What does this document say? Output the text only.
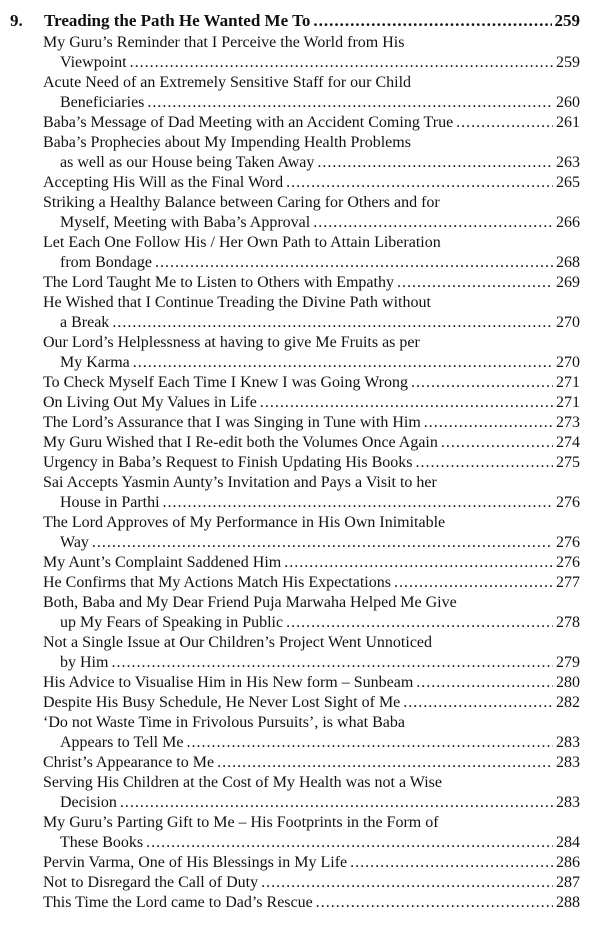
9.	Treading the Path He Wanted Me To .....	259
My Guru’s Reminder that I Perceive the World from His
Viewpoint .....	259
Acute Need of an Extremely Sensitive Staff for our Child
Beneficiaries .....	260
Baba’s Message of Dad Meeting with an Accident Coming True .....	261
Baba’s Prophecies about My Impending Health Problems
as well as our House being Taken Away .....	263
Accepting His Will as the Final Word .....	265
Striking a Healthy Balance between Caring for Others and for
Myself, Meeting with Baba’s Approval .....	266
Let Each One Follow His / Her Own Path to Attain Liberation
from Bondage .....	268
The Lord Taught Me to Listen to Others with Empathy .....	269
He Wished that I Continue Treading the Divine Path without
a Break .....	270
Our Lord’s Helplessness at having to give Me Fruits as per
My Karma .....	270
To Check Myself Each Time I Knew I was Going Wrong .....	271
On Living Out My Values in Life .....	271
The Lord’s Assurance that I was Singing in Tune with Him .....	273
My Guru Wished that I Re-edit both the Volumes Once Again .....	274
Urgency in Baba’s Request to Finish Updating His Books .....	275
Sai Accepts Yasmin Aunty’s Invitation and Pays a Visit to her
House in Parthi .....	276
The Lord Approves of My Performance in His Own Inimitable
Way .....	276
My Aunt’s Complaint Saddened Him .....	276
He Confirms that My Actions Match His Expectations .....	277
Both, Baba and My Dear Friend Puja Marwaha Helped Me Give
up My Fears of Speaking in Public .....	278
Not a Single Issue at Our Children’s Project Went Unnoticed
by Him .....	279
His Advice to Visualise Him in His New form – Sunbeam .....	280
Despite His Busy Schedule, He Never Lost Sight of Me .....	282
‘Do not Waste Time in Frivolous Pursuits’, is what Baba
Appears to Tell Me .....	283
Christ’s Appearance to Me .....	283
Serving His Children at the Cost of My Health was not a Wise
Decision .....	283
My Guru’s Parting Gift to Me – His Footprints in the Form of
These Books .....	284
Pervin Varma, One of His Blessings in My Life .....	286
Not to Disregard the Call of Duty .....	287
This Time the Lord came to Dad’s Rescue .....	288
